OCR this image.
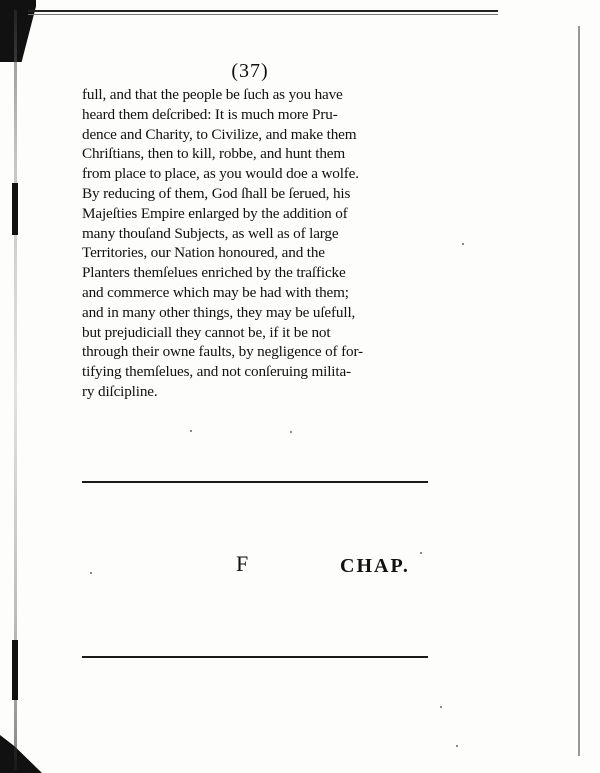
(37)
full, and that the people be ſuch as you have
heard them deſcribed: It is much more Pru-
dence and Charity, to Civilize, and make them
Chriſtians, then to kill, robbe, and hunt them
from place to place, as you would doe a wolfe.
By reducing of them, God ſhall be ſerued, his
Majeſties Empire enlarged by the addition of
many thouſand Subjects, as well as of large
Territories, our Nation honoured, and the
Planters themſelues enriched by the traſficke
and commerce which may be had with them;
and in many other things, they may be uſefull,
but prejudiciall they cannot be, if it be not
through their owne faults, by negligence of for-
tifying themſelues, and not conſeruing milita-
ry diſcipline.
F	CHAP.
